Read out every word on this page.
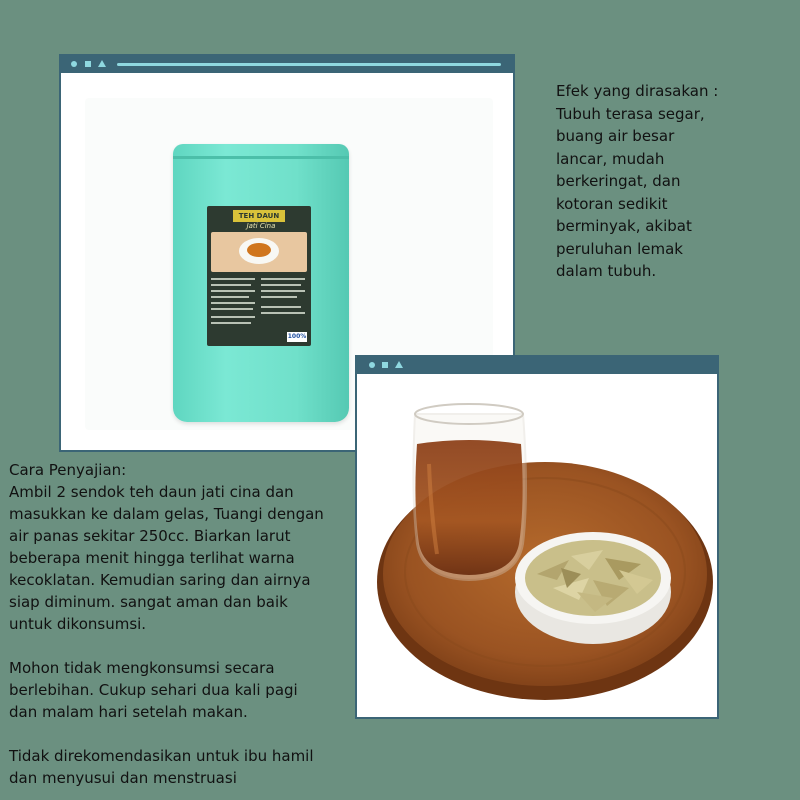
TEH DAUN
Jati Cina
100%
Efek yang dirasakan :
Tubuh terasa segar,
buang air besar
lancar, mudah
berkeringat, dan
kotoran sedikit
berminyak, akibat
peruluhan lemak
dalam tubuh.

Cara Penyajian:
Ambil 2 sendok teh daun jati cina dan
masukkan ke dalam gelas, Tuangi dengan
air panas sekitar 250cc. Biarkan larut
beberapa menit hingga terlihat warna
kecoklatan. Kemudian saring dan airnya
siap diminum. sangat aman dan baik
untuk dikonsumsi.

Mohon tidak mengkonsumsi secara
berlebihan. Cukup sehari dua kali pagi
dan malam hari setelah makan.

Tidak direkomendasikan untuk ibu hamil
dan menyusui dan menstruasi
